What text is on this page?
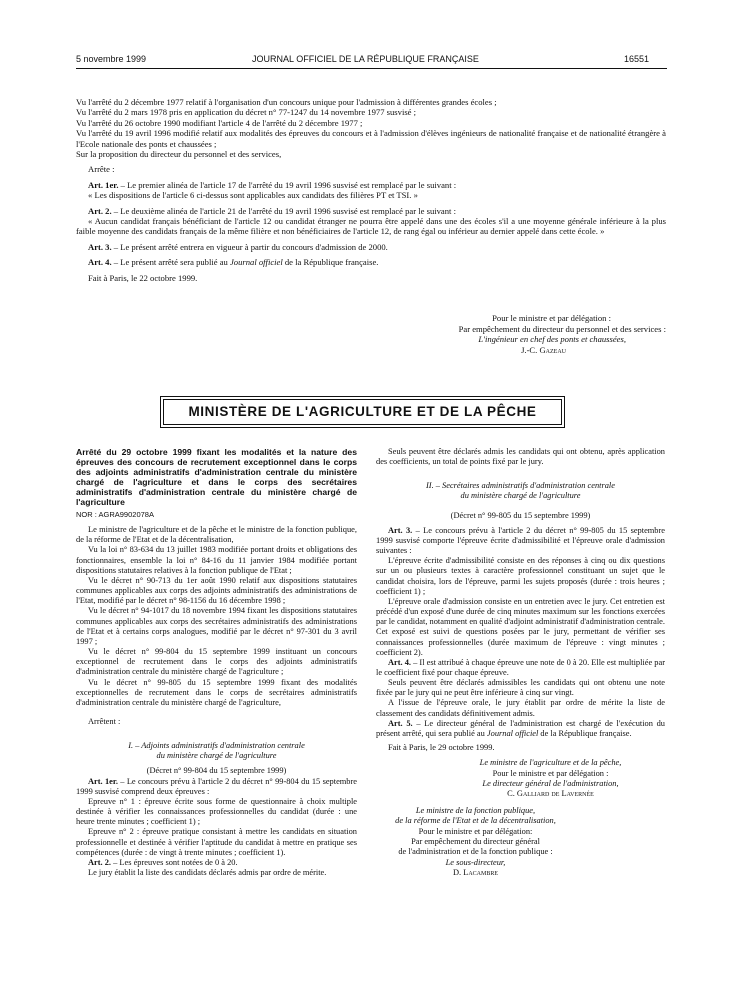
5 novembre 1999	JOURNAL OFFICIEL DE LA RÉPUBLIQUE FRANÇAISE	16551

Vu l'arrêté du 2 décembre 1977 relatif à l'organisation d'un concours unique pour l'admission à différentes grandes écoles ;

Vu l'arrêté du 2 mars 1978 pris en application du décret n° 77-1247 du 14 novembre 1977 susvisé ;

Vu l'arrêté du 26 octobre 1990 modifiant l'article 4 de l'arrêté du 2 décembre 1977 ;

Vu l'arrêté du 19 avril 1996 modifié relatif aux modalités des épreuves du concours et à l'admission d'élèves ingénieurs de nationalité française et de nationalité étrangère à l'Ecole nationale des ponts et chaussées ;

Sur la proposition du directeur du personnel et des services,

Arrête :

Art. 1er. – Le premier alinéa de l'article 17 de l'arrêté du 19 avril 1996 susvisé est remplacé par le suivant :

« Les dispositions de l'article 6 ci-dessus sont applicables aux candidats des filières PT et TSI. »

Art. 2. – Le deuxième alinéa de l'article 21 de l'arrêté du 19 avril 1996 susvisé est remplacé par le suivant :

« Aucun candidat français bénéficiant de l'article 12 ou candidat étranger ne pourra être appelé dans une des écoles s'il a une moyenne générale inférieure à la plus faible moyenne des candidats français de la même filière et non bénéficiaires de l'article 12, de rang égal ou inférieur au dernier appelé dans cette école. »

Art. 3. – Le présent arrêté entrera en vigueur à partir du concours d'admission de 2000.

Art. 4. – Le présent arrêté sera publié au Journal officiel de la République française.

Fait à Paris, le 22 octobre 1999.

Pour le ministre et par délégation :

Par empêchement du directeur du personnel et des services :

L'ingénieur en chef des ponts et chaussées,

J.-C. Gazeau

MINISTÈRE DE L'AGRICULTURE ET DE LA PÊCHE

Arrêté du 29 octobre 1999 fixant les modalités et la nature des épreuves des concours de recrutement exceptionnel dans le corps des adjoints administratifs d'administration centrale du ministère chargé de l'agriculture et dans le corps des secrétaires administratifs d'administration centrale du ministère chargé de l'agriculture

NOR : AGRA9902078A

Le ministre de l'agriculture et de la pêche et le ministre de la fonction publique, de la réforme de l'Etat et de la décentralisation,

Vu la loi n° 83-634 du 13 juillet 1983 modifiée portant droits et obligations des fonctionnaires, ensemble la loi n° 84-16 du 11 janvier 1984 modifiée portant dispositions statutaires relatives à la fonction publique de l'Etat ;

Vu le décret n° 90-713 du 1er août 1990 relatif aux dispositions statutaires communes applicables aux corps des adjoints administratifs des administrations de l'Etat, modifié par le décret n° 98-1156 du 16 décembre 1998 ;

Vu le décret n° 94-1017 du 18 novembre 1994 fixant les dispositions statutaires communes applicables aux corps des secrétaires administratifs des administrations de l'Etat et à certains corps analogues, modifié par le décret n° 97-301 du 3 avril 1997 ;

Vu le décret n° 99-804 du 15 septembre 1999 instituant un concours exceptionnel de recrutement dans le corps des adjoints administratifs d'administration centrale du ministère chargé de l'agriculture ;

Vu le décret n° 99-805 du 15 septembre 1999 fixant des modalités exceptionnelles de recrutement dans le corps de secrétaires administratifs d'administration centrale du ministère chargé de l'agriculture,

Arrêtent :

I. – Adjoints administratifs d'administration centrale

du ministère chargé de l'agriculture

(Décret n° 99-804 du 15 septembre 1999)

Art. 1er. – Le concours prévu à l'article 2 du décret n° 99-804 du 15 septembre 1999 susvisé comprend deux épreuves :

Epreuve n° 1 : épreuve écrite sous forme de questionnaire à choix multiple destinée à vérifier les connaissances professionnelles du candidat (durée : une heure trente minutes ; coefficient 1) ;

Epreuve n° 2 : épreuve pratique consistant à mettre les candidats en situation professionnelle et destinée à vérifier l'aptitude du candidat à mettre en pratique ses compétences (durée : de vingt à trente minutes ; coefficient 1).

Art. 2. – Les épreuves sont notées de 0 à 20.

Le jury établit la liste des candidats déclarés admis par ordre de mérite.

Seuls peuvent être déclarés admis les candidats qui ont obtenu, après application des coefficients, un total de points fixé par le jury.

II. – Secrétaires administratifs d'administration centrale

du ministère chargé de l'agriculture

(Décret n° 99-805 du 15 septembre 1999)

Art. 3. – Le concours prévu à l'article 2 du décret n° 99-805 du 15 septembre 1999 susvisé comporte l'épreuve écrite d'admissibilité et l'épreuve orale d'admission suivantes :

L'épreuve écrite d'admissibilité consiste en des réponses à cinq ou dix questions sur un ou plusieurs textes à caractère professionnel constituant un sujet que le candidat choisira, lors de l'épreuve, parmi les sujets proposés (durée : trois heures ; coefficient 1) ;

L'épreuve orale d'admission consiste en un entretien avec le jury. Cet entretien est précédé d'un exposé d'une durée de cinq minutes maximum sur les fonctions exercées par le candidat, notamment en qualité d'adjoint administratif d'administration centrale. Cet exposé est suivi de questions posées par le jury, permettant de vérifier ses connaissances professionnelles (durée maximum de l'épreuve : vingt minutes ; coefficient 2).

Art. 4. – Il est attribué à chaque épreuve une note de 0 à 20. Elle est multipliée par le coefficient fixé pour chaque épreuve.

Seuls peuvent être déclarés admissibles les candidats qui ont obtenu une note fixée par le jury qui ne peut être inférieure à cinq sur vingt.

A l'issue de l'épreuve orale, le jury établit par ordre de mérite la liste de classement des candidats définitivement admis.

Art. 5. – Le directeur général de l'administration est chargé de l'exécution du présent arrêté, qui sera publié au Journal officiel de la République française.

Fait à Paris, le 29 octobre 1999.

Le ministre de l'agriculture et de la pêche,

Pour le ministre et par délégation :

Le directeur général de l'administration,

C. Galliard de Lavernée

Le ministre de la fonction publique,

de la réforme de l'Etat et de la décentralisation,

Pour le ministre et par délégation:

Par empêchement du directeur général

de l'administration et de la fonction publique :

Le sous-directeur,

D. Lacambre
